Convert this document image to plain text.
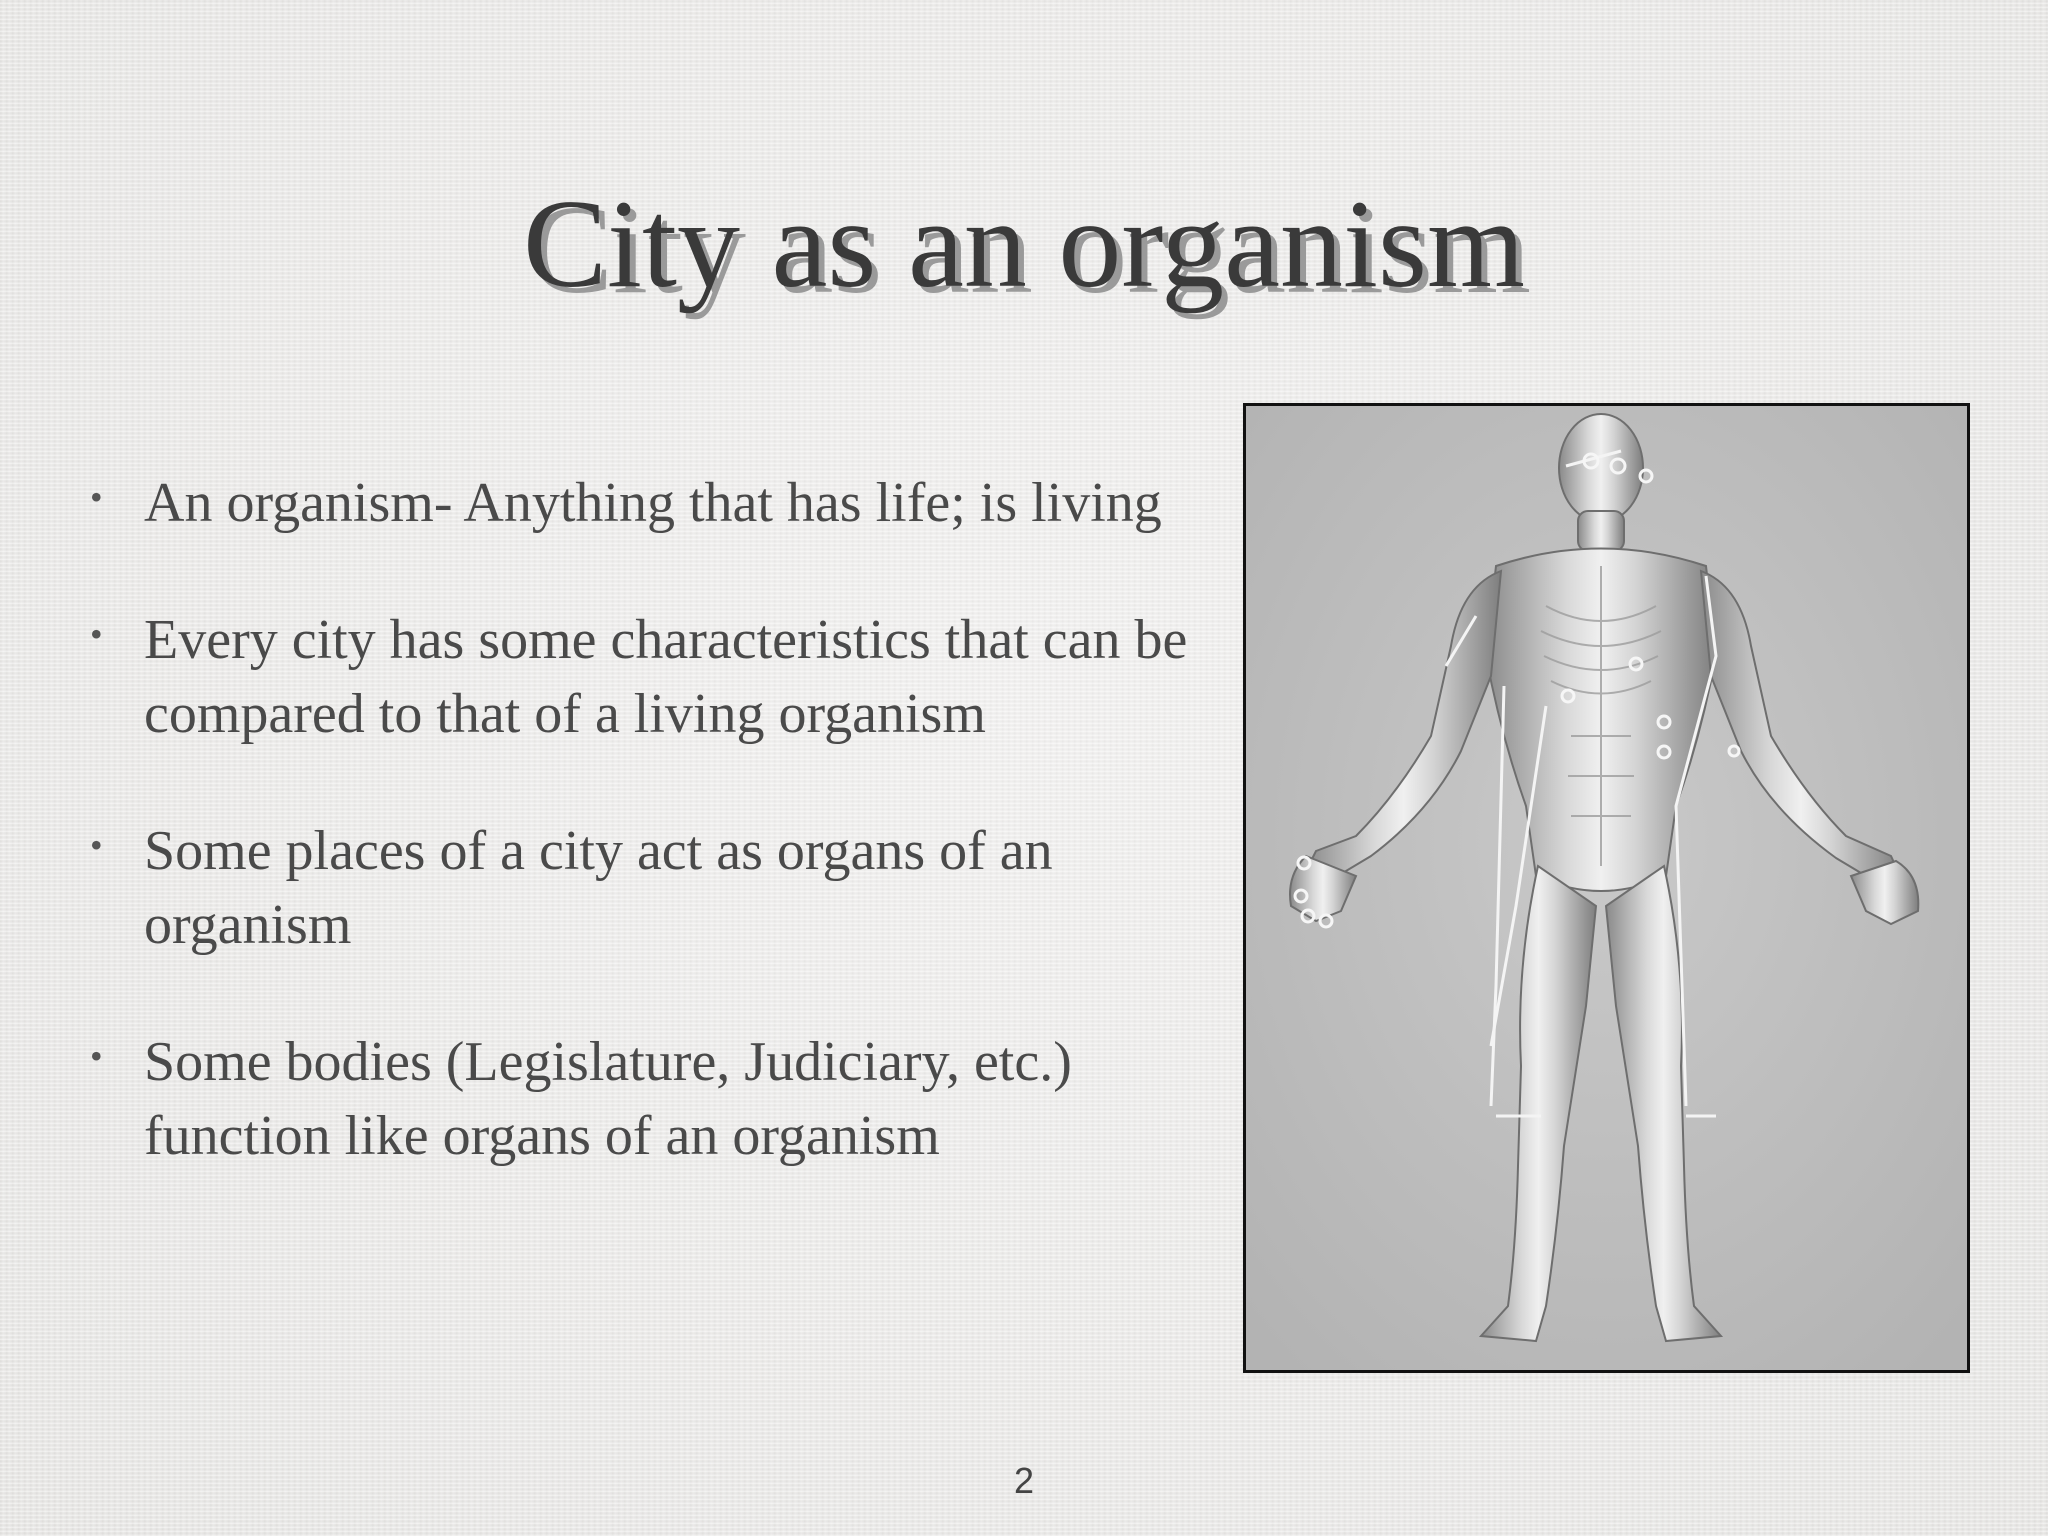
City as an organism
• An organism- Anything that has life; is living
• Every city has some characteristics that can be compared to that of a living organism
• Some places of a city act as organs of an organism
• Some bodies (Legislature, Judiciary, etc.) function like organs of an organism
2
